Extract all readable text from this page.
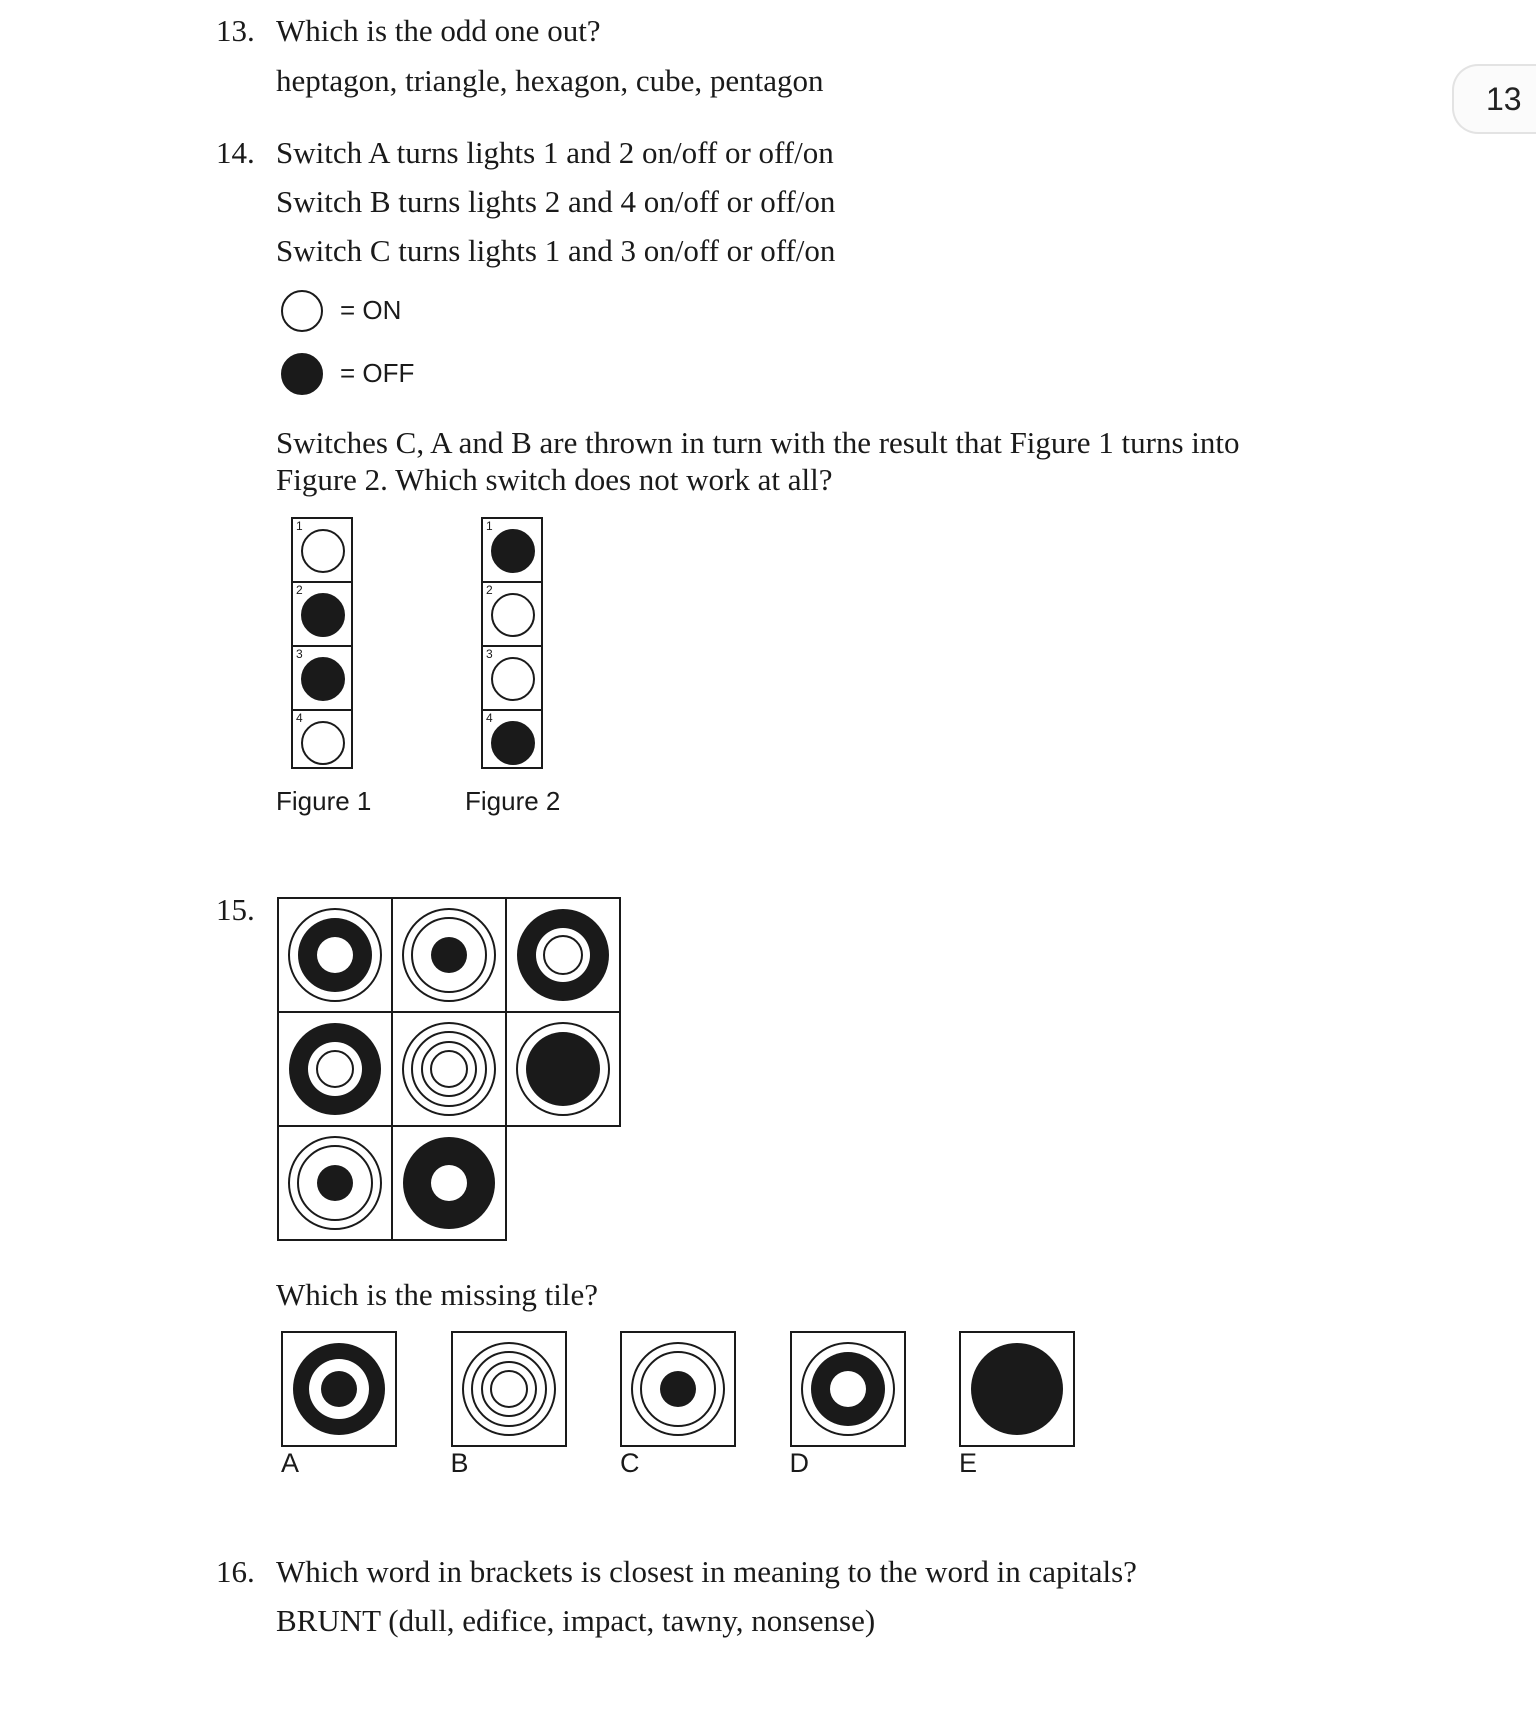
13
13. Which is the odd one out?
heptagon, triangle, hexagon, cube, pentagon
14. Switch A turns lights 1 and 2 on/off or off/on
Switch B turns lights 2 and 4 on/off or off/on
Switch C turns lights 1 and 3 on/off or off/on
= ON
= OFF
Switches C, A and B are thrown in turn with the result that Figure 1 turns into
Figure 2. Which switch does not work at all?
1
2
3
4
1
2
3
4
Figure 1	Figure 2
15.
Which is the missing tile?
A	B	C	D	E
16. Which word in brackets is closest in meaning to the word in capitals?
BRUNT (dull, edifice, impact, tawny, nonsense)
